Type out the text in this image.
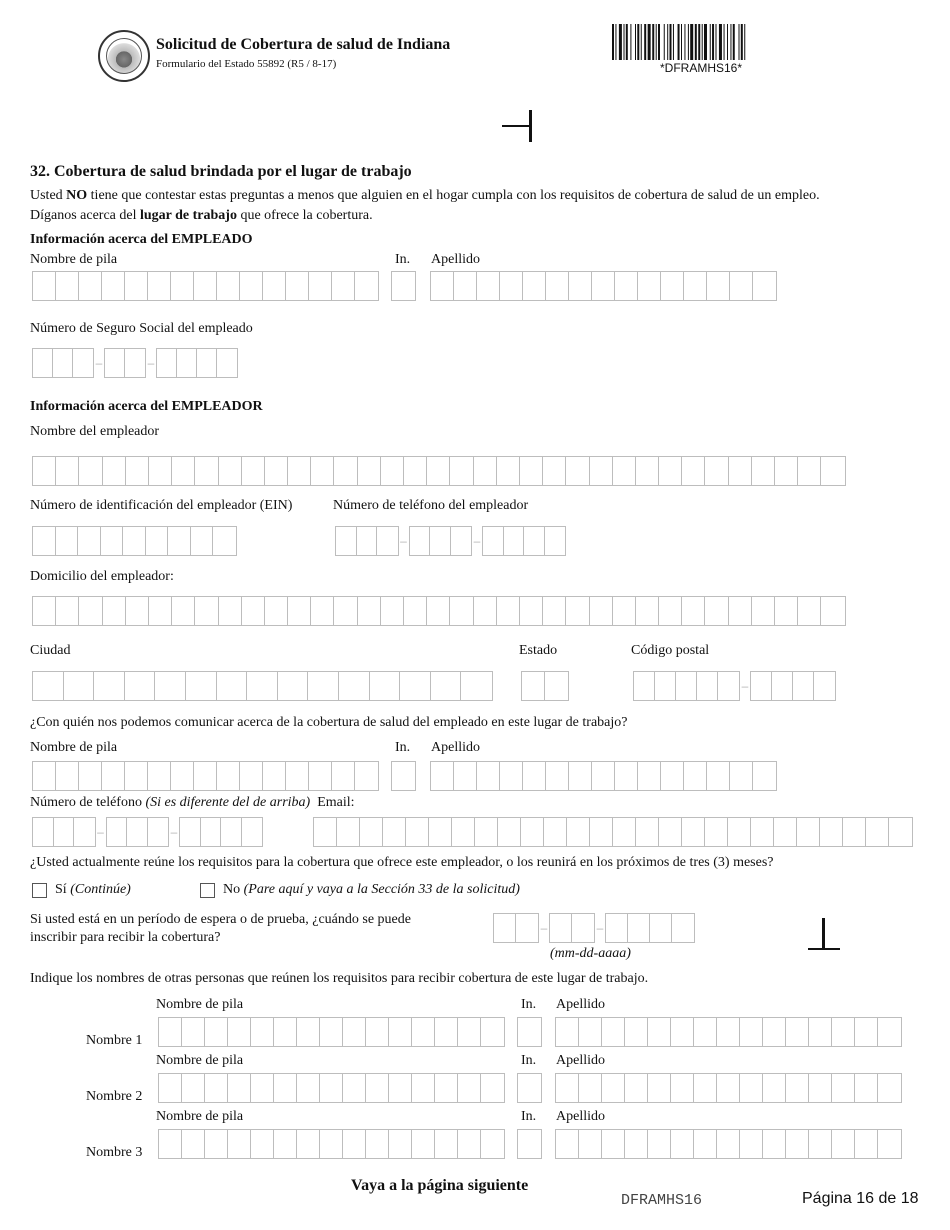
Solicitud de Cobertura de salud de Indiana
Formulario del Estado 55892 (R5 / 8-17)	*DFRAMHS16*
32. Cobertura de salud brindada por el lugar de trabajo
Usted NO tiene que contestar estas preguntas a menos que alguien en el hogar cumpla con los requisitos de cobertura de salud de un empleo.
Díganos acerca del lugar de trabajo que ofrece la cobertura.
Información acerca del EMPLEADO
Nombre de pila	In. Apellido
Número de Seguro Social del empleado
–	–
Información acerca del EMPLEADOR
Nombre del empleador
Número de identificación del empleador (EIN)	Número de teléfono del empleador
–	–
Domicilio del empleador:
Ciudad	Estado	Código postal
–
¿Con quién nos podemos comunicar acerca de la cobertura de salud del empleado en este lugar de trabajo?
Nombre de pila	In. Apellido
Número de teléfono (Si es diferente del de arriba) Email:
–	–
¿Usted actualmente reúne los requisitos para la cobertura que ofrece este empleador, o los reunirá en los próximos de tres (3) meses?
Sí (Continúe)	No (Pare aquí y vaya a la Sección 33 de la solicitud)
Si usted está en un período de espera o de prueba, ¿cuándo se puede
inscribir para recibir la cobertura?
–	–
(mm-dd-aaaa)
Indique los nombres de otras personas que reúnen los requisitos para recibir cobertura de este lugar de trabajo.
Nombre de pila	In. Apellido
Nombre 1
Nombre de pila	In. Apellido
Nombre 2
Nombre de pila	In. Apellido
Nombre 3
Vaya a la página siguiente
DFRAMHS16	Página 16 de 18
